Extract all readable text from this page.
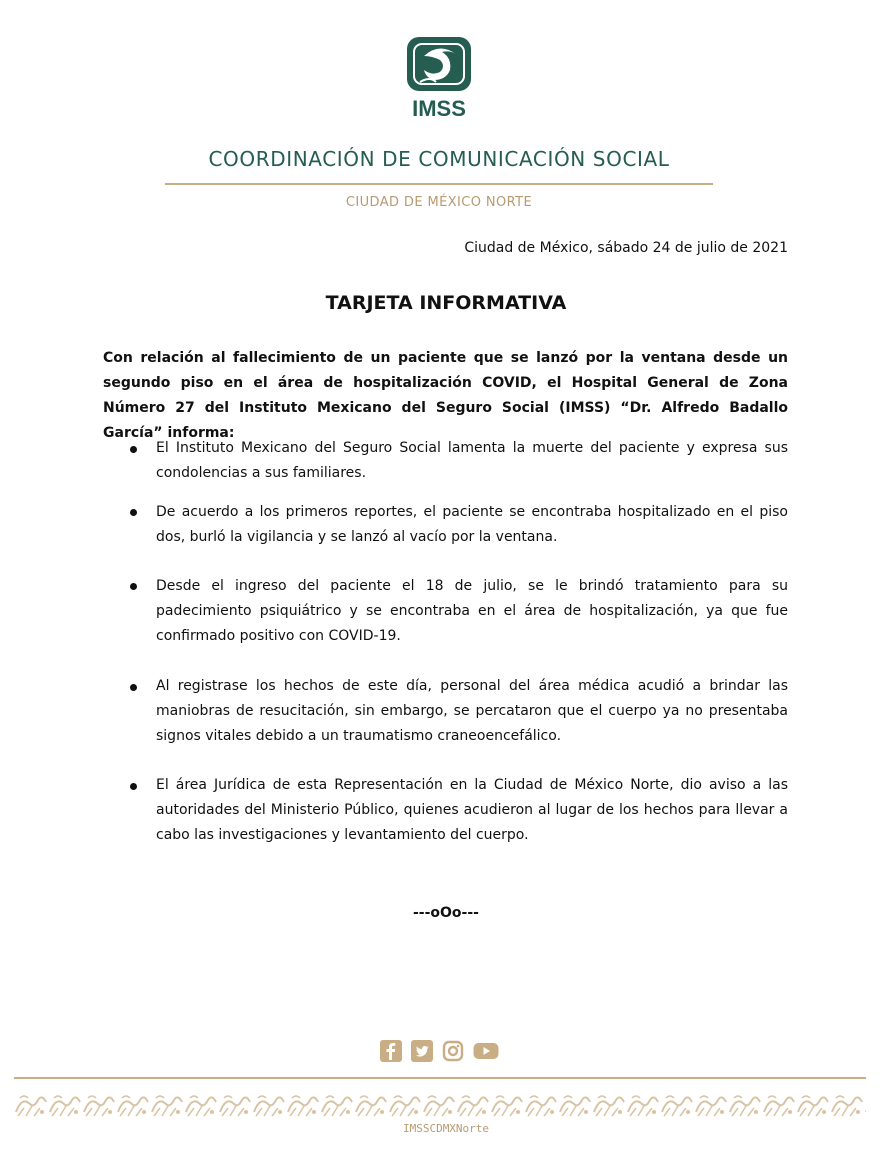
IMSS
COORDINACIÓN DE COMUNICACIÓN SOCIAL
CIUDAD DE MÉXICO NORTE
Ciudad de México, sábado 24 de julio de 2021
TARJETA INFORMATIVA
Con relación al fallecimiento de un paciente que se lanzó por la ventana desde un segundo piso en el área de hospitalización COVID, el Hospital General de Zona Número 27 del Instituto Mexicano del Seguro Social (IMSS) “Dr. Alfredo Badallo García” informa:
El Instituto Mexicano del Seguro Social lamenta la muerte del paciente y expresa sus condolencias a sus familiares.
De acuerdo a los primeros reportes, el paciente se encontraba hospitalizado en el piso dos, burló la vigilancia y se lanzó al vacío por la ventana.
Desde el ingreso del paciente el 18 de julio, se le brindó tratamiento para su padecimiento psiquiátrico y se encontraba en el área de hospitalización, ya que fue confirmado positivo con COVID-19.
Al registrase los hechos de este día, personal del área médica acudió a brindar las maniobras de resucitación, sin embargo, se percataron que el cuerpo ya no presentaba signos vitales debido a un traumatismo craneoencefálico.
El área Jurídica de esta Representación en la Ciudad de México Norte, dio aviso a las autoridades del Ministerio Público, quienes acudieron al lugar de los hechos para llevar a cabo las investigaciones y levantamiento del cuerpo.
---oOo---
IMSSCDMXNorte
